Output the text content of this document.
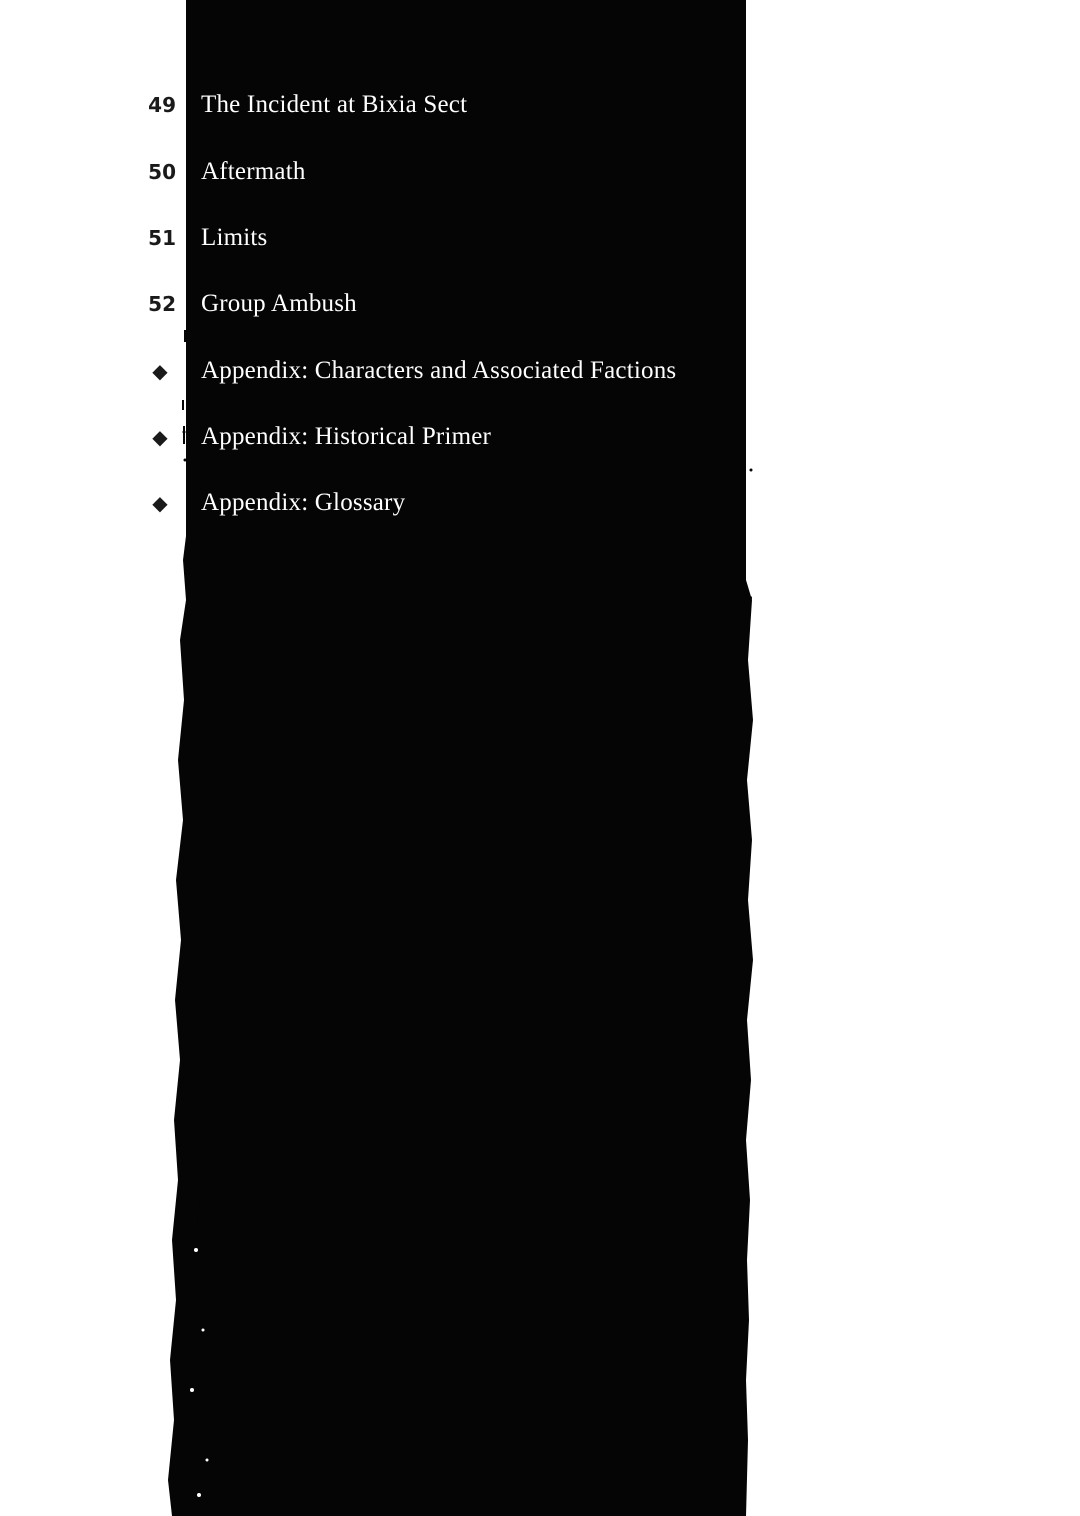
49 The Incident at Bixia Sect
50 Aftermath
51 Limits
52 Group Ambush
◆	Appendix: Characters and Associated Factions
◆	Appendix: Historical Primer
◆	Appendix: Glossary
